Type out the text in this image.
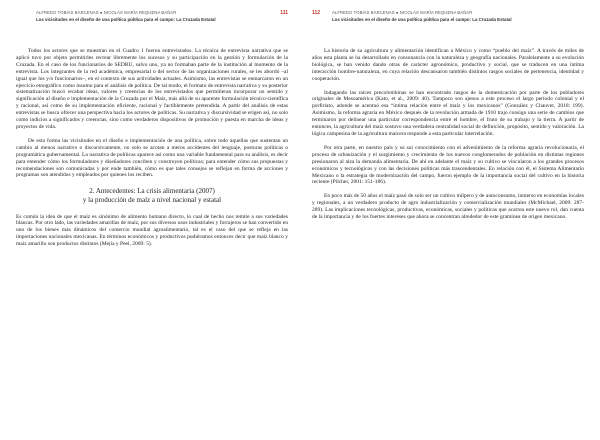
ALFREDO TOBÍAS BARCENAS ● NICOLÁS MARÍA REQUENA BAÑAR
Los vicisitudes en el diseño de una política pública para el campo: La Cruzada Estatal
111

Todos los actores que se muestran en el Cuadro 1 fueron entrevistados. La técnica de entrevista narrativa que se aplicó tuvo por objeto permitirles recrear libremente los sucesos y su participación en la gestión y formulación de la Cruzada. En el caso de los funcionarios de SEDRU, salvo uno, ya no formaban parte de la institución al momento de la entrevista. Los integrantes de la red académica, empresarial o del sector de las organizaciones rurales, se les abordó –al igual que los y/o funcionarios–, en el contexto de sus actividades actuales. Asimismo, las entrevistas se enmarcaron en un ejercicio etnográfico como insumo para el análisis de política. De tal modo, el formato de entrevista narrativa y su posterior sistematización buscó recabar ideas, valores y creencias de los entrevistados que permitieran incorporar un sentido y significación al diseño e implementación de la Cruzada por el Maíz, más allá de su aparente formulación técnico-científica y racional, así como de su implementación eficiente, racional y factiblemente pretendida. A partir del análisis de estas entrevistas se busca ofrecer una perspectiva hacia los actores de políticas. Su narrativa y discursividad se erigen así, no solo como indicios a significados y creencias, sino como verdaderos dispositivos de promoción y puesta en marcha de ideas y proyectos de vida.

De esta forma las vicisitudes en el diseño e implementación de una política, sobre todo aquellas que sustentan un cambio al menos narrativo o discursivamente, no solo se acotan a meros accidentes del lenguaje, posturas políticas o programática gubernamental. La narrativa de políticas aparece así como una variable fundamental para su análisis, es decir para entender cómo los formuladores y diseñadores conciben y construyen políticas; para entender cómo sus propuestas y recomendaciones son comunicadas y por ende también, cómo es que tales consejos se reflejan en forma de acciones y programas son atendidos y empleados por quienes los reciben.

2. Antecedentes: La crisis alimentaria (2007)
y la producción de maíz a nivel nacional y estatal

Es común la idea de que el maíz es sinónimo de alimento humano directo, lo cual de hecho nos remite a sus variedades blancas. Por otro lado, las variedades amarillas de maíz, por sus diversos usos industriales y forrajeros se han convertido en uno de los bienes más dinámicos del comercio mundial agroalimentario, tal es el caso del que se refleja en las importaciones nacionales mexicanas. En términos económicos y productivos pudiéramos entonces decir que maíz blanco y maíz amarillo son productos distintos (Mejía y Peel, 2009: 5).

112	ALFREDO TOBÍAS BARCENAS ● NICOLÁS MARÍA REQUENA BAÑAR
Los vicisitudes en el diseño de una política pública para el campo: La Cruzada Estatal

La historia de su agricultura y alimentación identifican a México y como “pueblo del maíz”. A través de miles de años esta planta se ha desarrollado en consonancia con la naturaleza y geografía nacionales. Paralelamente a su evolución biológica, se han venido dando otras de carácter agronómico, productivo y social, que se traducen en una íntima interacción hombre-naturaleza, en cuya relación descansaron también distintos rasgos sociales de pertenencia, identidad y cooperación.

Indagando las raíces precolombinas se han encontrado rasgos de la domesticación por parte de los pobladores originales de Mesoamérica (Kato, et al., 2009: 40). Tampoco son ajenos a este proceso el largo período colonial y el porfiriato, adonde se acentuó esa “íntima relación entre el maíz y los mexicanos” (González y Chauvet, 2018: 199). Asimismo, la reforma agraria en México después de la revolución armada de 1910 trajo consigo una serie de cambios que terminaron por delinear una particular correspondencia entre el hombre, el fruto de su trabajo y la tierra. A partir de entonces, la agricultura del maíz sostuvo una verdadera centralidad social de definición, propósito, sentido y valoración. La lógica campesina de la agricultura maicera responde a esta particular interrelación.

Por otra parte, en nuestro país y su sui conocimiento con el advenimiento de la reforma agraria revolucionaria, el proceso de urbanización y el surgimiento y crecimiento de los nuevos conglomerados de población en distintas regiones presionaron al alza la demanda alimentaria. De ahí en adelante el maíz y su cultivo se vincularon a los grandes procesos económicos y tecnológicos y con las decisiones políticas más trascendentales. En relación con él, el Sistema Alimentario Mexicano o la estrategia de modernización del campo, fueron ejemplo de la importancia social del cultivo en la historia reciente (Pilcher, 2001: 151-186).

En poco más de 50 años el maíz pasó de solo ser un cultivo milpero y de autoconsumo, inmerso en economías locales y regionales, a un verdadero producto de agro industrialización y comercialización mundiales (McMichael, 2009: 287-289). Las implicaciones tecnológicas, productivas, económicas, sociales y políticas que acarrea este nuevo rol, dan cuenta de la importancia y de los fuertes intereses que ahora se concentran alrededor de este gramínea de origen mexicano.
